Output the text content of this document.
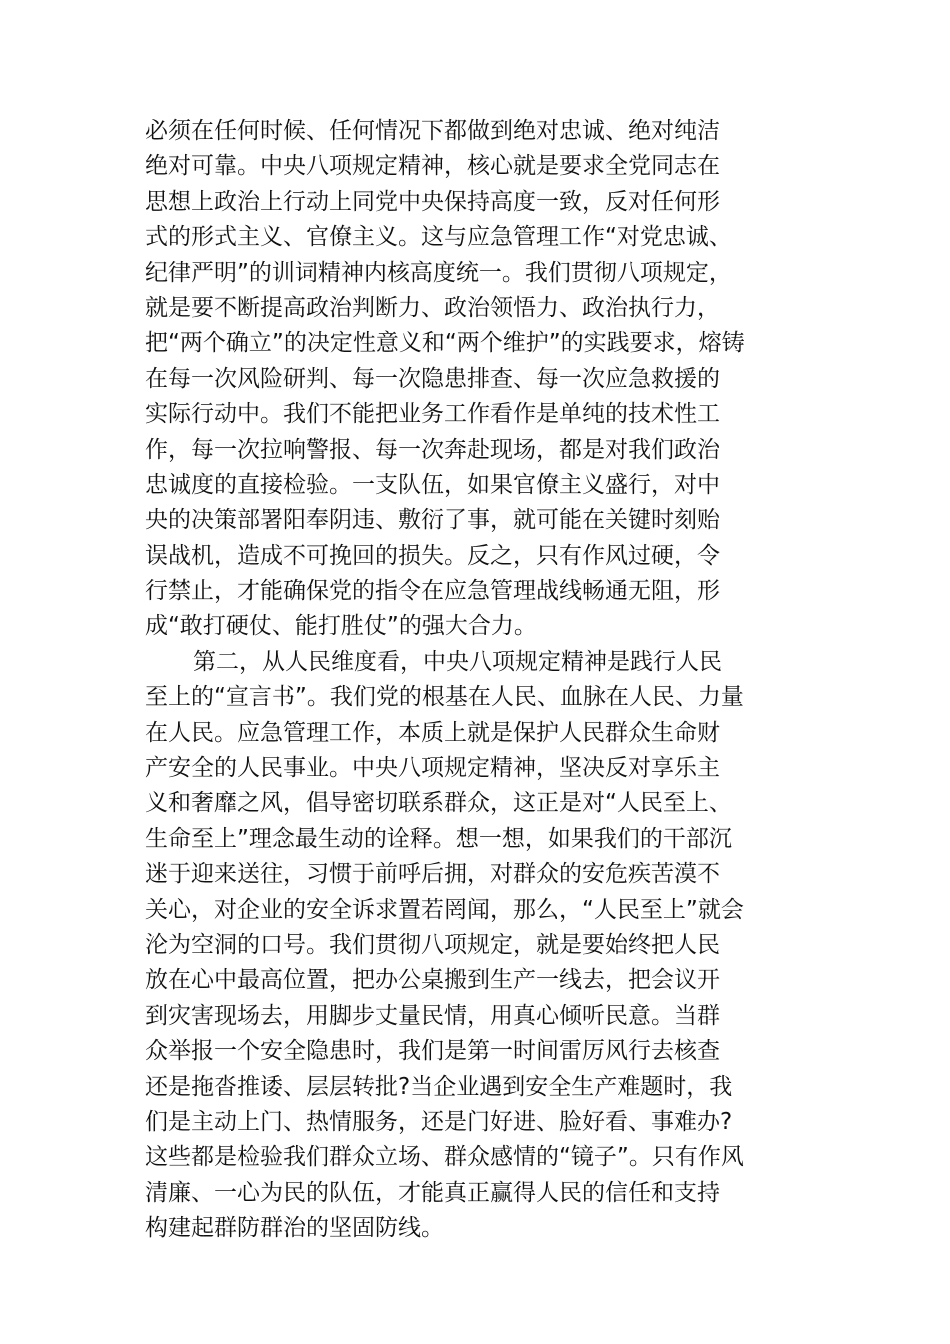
必须在任何时候、任何情况下都做到绝对忠诚、绝对纯洁
绝对可靠。中央八项规定精神，核心就是要求全党同志在
思想上政治上行动上同党中央保持高度一致，反对任何形
式的形式主义、官僚主义。这与应急管理工作“对党忠诚、
纪律严明”的训词精神内核高度统一。我们贯彻八项规定，
就是要不断提高政治判断力、政治领悟力、政治执行力，
把“两个确立”的决定性意义和“两个维护”的实践要求，熔铸
在每一次风险研判、每一次隐患排查、每一次应急救援的
实际行动中。我们不能把业务工作看作是单纯的技术性工
作，每一次拉响警报、每一次奔赴现场，都是对我们政治
忠诚度的直接检验。一支队伍，如果官僚主义盛行，对中
央的决策部署阳奉阴违、敷衍了事，就可能在关键时刻贻
误战机，造成不可挽回的损失。反之，只有作风过硬，令
行禁止，才能确保党的指令在应急管理战线畅通无阻，形
成“敢打硬仗、能打胜仗”的强大合力。
第二，从人民维度看，中央八项规定精神是践行人民
至上的“宣言书”。我们党的根基在人民、血脉在人民、力量
在人民。应急管理工作，本质上就是保护人民群众生命财
产安全的人民事业。中央八项规定精神，坚决反对享乐主
义和奢靡之风，倡导密切联系群众，这正是对“人民至上、
生命至上”理念最生动的诠释。想一想，如果我们的干部沉
迷于迎来送往，习惯于前呼后拥，对群众的安危疾苦漠不
关心，对企业的安全诉求置若罔闻，那么，“人民至上”就会
沦为空洞的口号。我们贯彻八项规定，就是要始终把人民
放在心中最高位置，把办公桌搬到生产一线去，把会议开
到灾害现场去，用脚步丈量民情，用真心倾听民意。当群
众举报一个安全隐患时，我们是第一时间雷厉风行去核查
还是拖沓推诿、层层转批?当企业遇到安全生产难题时，我
们是主动上门、热情服务，还是门好进、脸好看、事难办?
这些都是检验我们群众立场、群众感情的“镜子”。只有作风
清廉、一心为民的队伍，才能真正赢得人民的信任和支持
构建起群防群治的坚固防线。
